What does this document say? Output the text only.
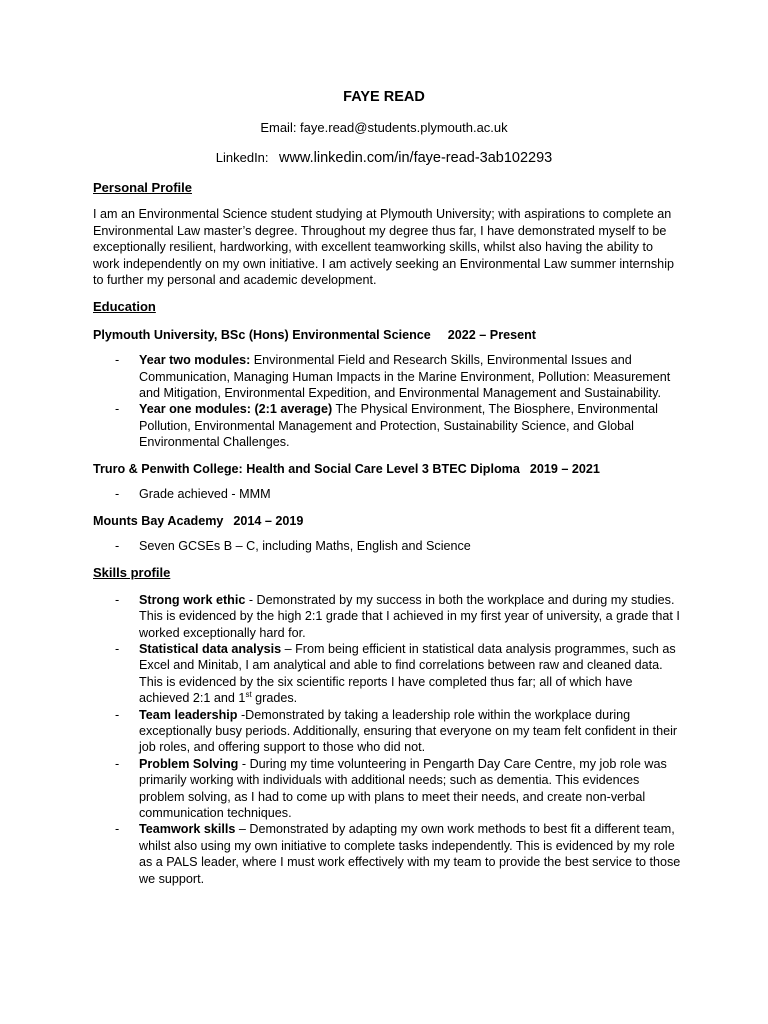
FAYE READ
Email: faye.read@students.plymouth.ac.uk
LinkedIn: www.linkedin.com/in/faye-read-3ab102293

Personal Profile

I am an Environmental Science student studying at Plymouth University; with aspirations to complete an Environmental Law master’s degree. Throughout my degree thus far, I have demonstrated myself to be exceptionally resilient, hardworking, with excellent teamworking skills, whilst also having the ability to work independently on my own initiative. I am actively seeking an Environmental Law summer internship to further my personal and academic development.

Education

Plymouth University, BSc (Hons) Environmental Science 2022 – Present

- Year two modules: Environmental Field and Research Skills, Environmental Issues and Communication, Managing Human Impacts in the Marine Environment, Pollution: Measurement and Mitigation, Environmental Expedition, and Environmental Management and Sustainability.
- Year one modules: (2:1 average) The Physical Environment, The Biosphere, Environmental Pollution, Environmental Management and Protection, Sustainability Science, and Global Environmental Challenges.

Truro & Penwith College: Health and Social Care Level 3 BTEC Diploma 2019 – 2021

- Grade achieved - MMM

Mounts Bay Academy 2014 – 2019

- Seven GCSEs B – C, including Maths, English and Science

Skills profile

- Strong work ethic - Demonstrated by my success in both the workplace and during my studies. This is evidenced by the high 2:1 grade that I achieved in my first year of university, a grade that I worked exceptionally hard for.
- Statistical data analysis – From being efficient in statistical data analysis programmes, such as Excel and Minitab, I am analytical and able to find correlations between raw and cleaned data. This is evidenced by the six scientific reports I have completed thus far; all of which have achieved 2:1 and 1st grades.
- Team leadership -Demonstrated by taking a leadership role within the workplace during exceptionally busy periods. Additionally, ensuring that everyone on my team felt confident in their job roles, and offering support to those who did not.
- Problem Solving - During my time volunteering in Pengarth Day Care Centre, my job role was primarily working with individuals with additional needs; such as dementia. This evidences problem solving, as I had to come up with plans to meet their needs, and create non-verbal communication techniques.
- Teamwork skills – Demonstrated by adapting my own work methods to best fit a different team, whilst also using my own initiative to complete tasks independently. This is evidenced by my role as a PALS leader, where I must work effectively with my team to provide the best service to those we support.
